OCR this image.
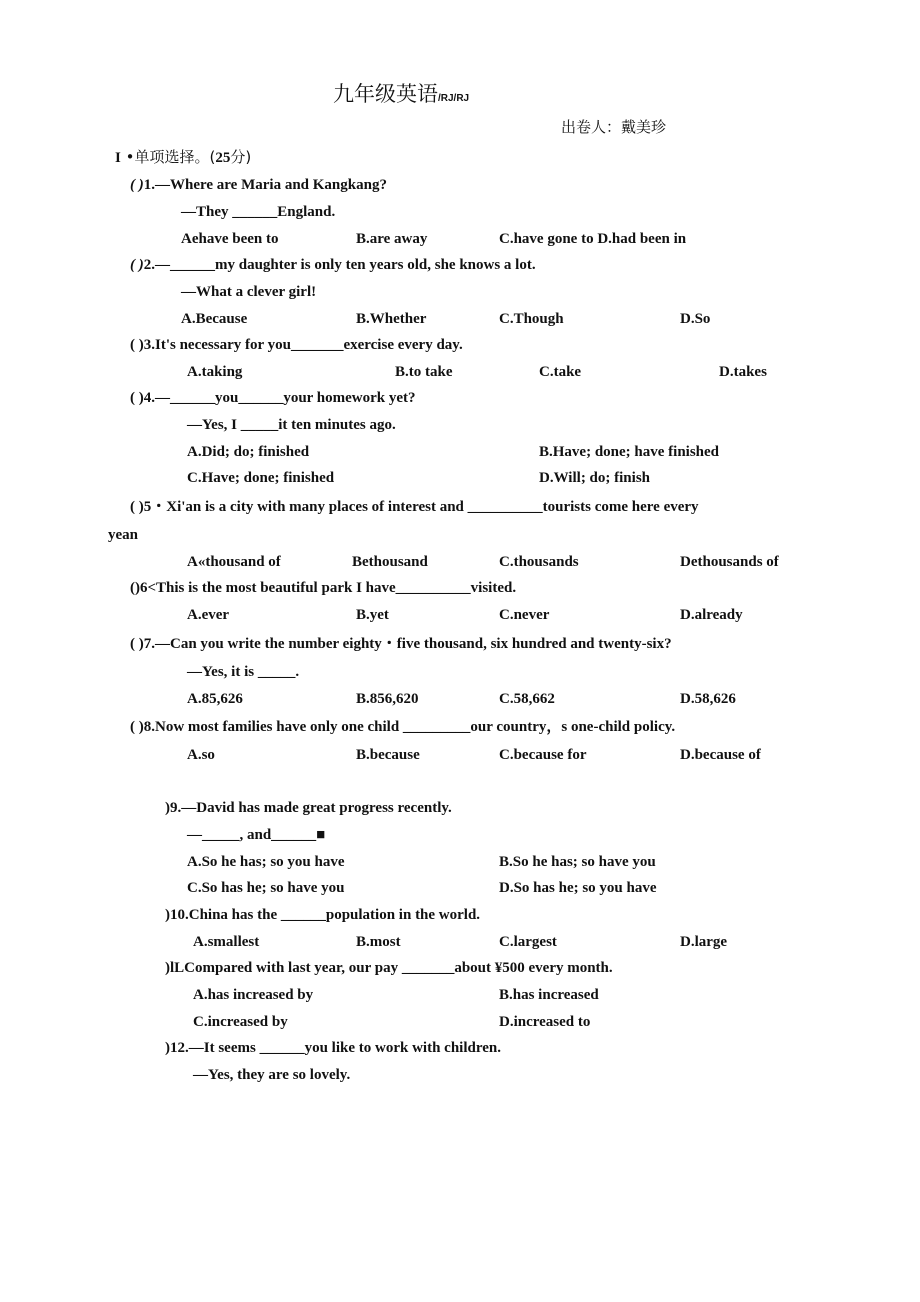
九年级英语/RJ/RJ
出卷人：戴美珍
I •单项选择。(25分)
( )1.—Where are Maria and Kangkang?
—They ______England.
Aehave been to	B.are away	C.have gone to D.had been in
( )2.—______my daughter is only ten years old, she knows a lot.
—What a clever girl!
A.Because	B.Whether	C.Though	D.So
( )3.It's necessary for you_______exercise every day.
A.taking	B.to take	C.take	D.takes
( )4.—______you______your homework yet?
—Yes, I _____it ten minutes ago.
A.Did; do; finished	B.Have; done; have finished
C.Have; done; finished	D.Will; do; finish
( )5・Xi'an is a city with many places of interest and __________tourists come here every
yean
A«thousand of	Bethousand	C.thousands	Dethousands of
()6<This is the most beautiful park I have__________visited.
A.ever	B.yet	C.never	D.already
( )7.—Can you write the number eighty・five thousand, six hundred and twenty-six?
—Yes, it is _____.
A.85,626	B.856,620	C.58,662	D.58,626
( )8.Now most families have only one child _________our country，s one-child policy.
A.so	B.because	C.because for	D.because of
)9.—David has made great progress recently.
—_____, and______■
A.So he has; so you have	B.So he has; so have you
C.So has he; so have you	D.So has he; so you have
)10.China has the ______population in the world.
A.smallest	B.most	C.largest	D.large
)lLCompared with last year, our pay _______about ¥500 every month.
A.has increased by	B.has increased
C.increased by	D.increased to
)12.—It seems ______you like to work with children.
—Yes, they are so lovely.
